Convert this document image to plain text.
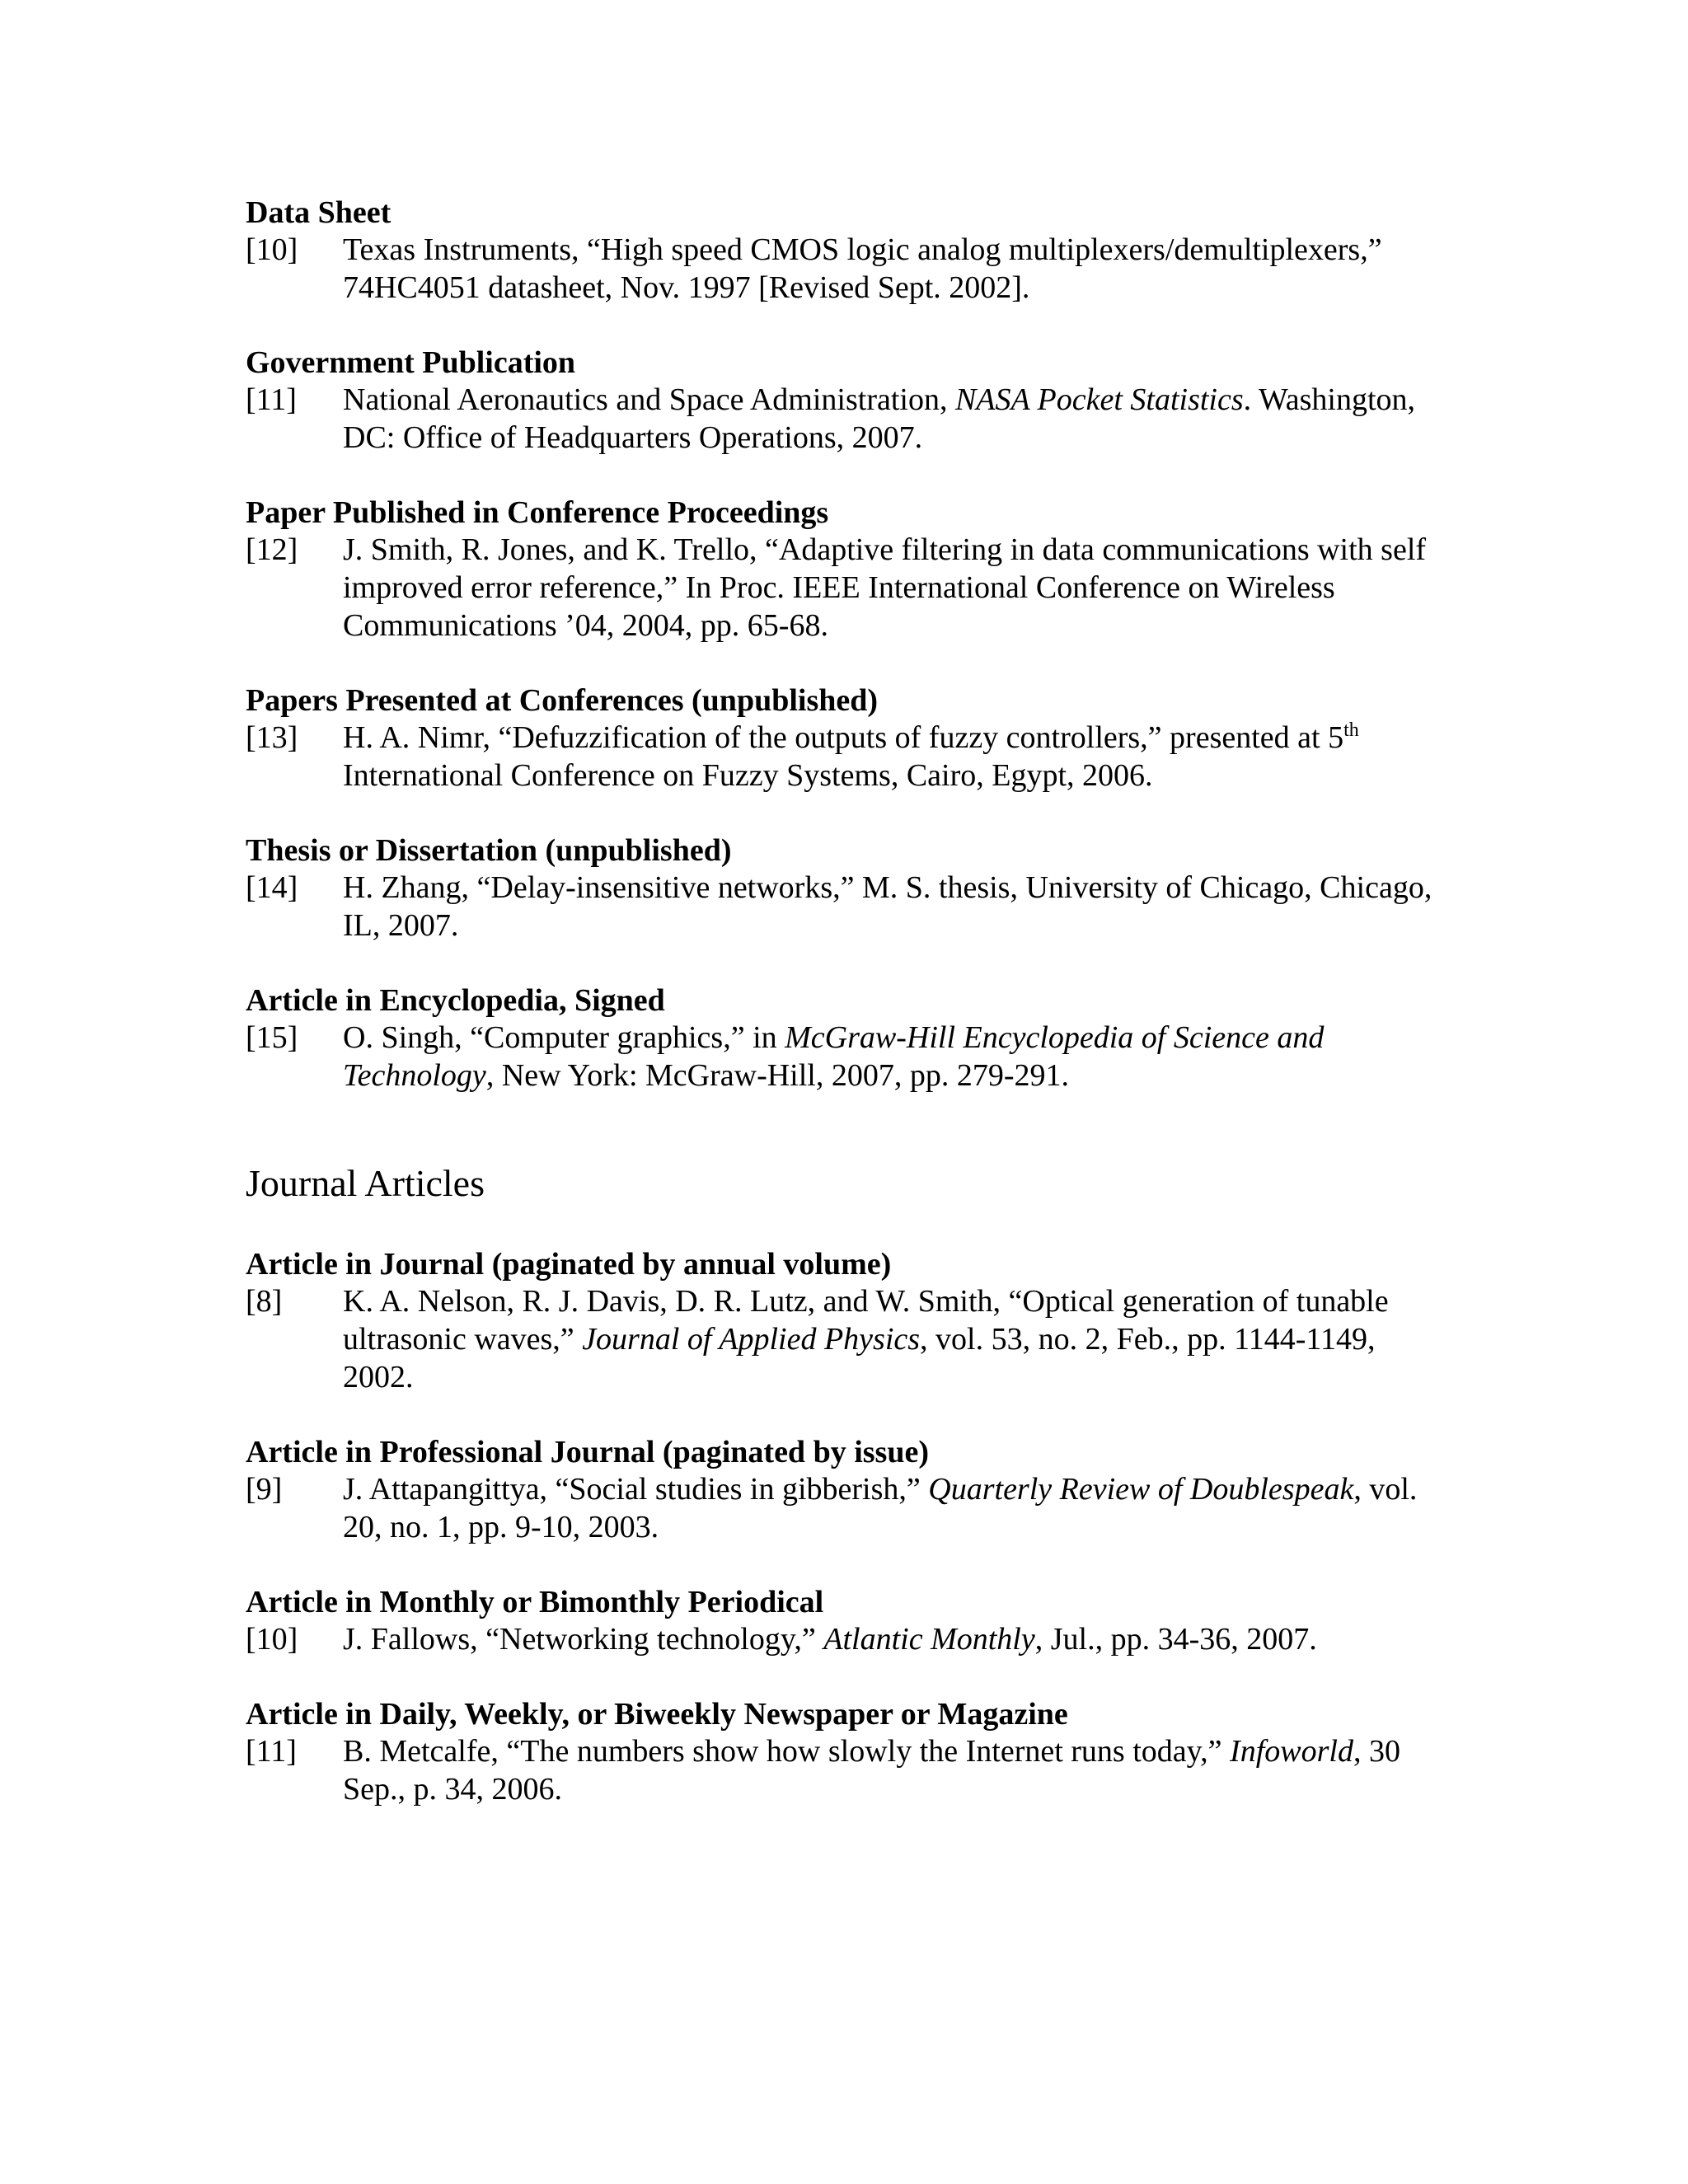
Data Sheet
[10]	Texas Instruments, “High speed CMOS logic analog multiplexers/demultiplexers,” 74HC4051 datasheet, Nov. 1997 [Revised Sept. 2002].
Government Publication
[11]	National Aeronautics and Space Administration, NASA Pocket Statistics. Washington, DC: Office of Headquarters Operations, 2007.
Paper Published in Conference Proceedings
[12]	J. Smith, R. Jones, and K. Trello, “Adaptive filtering in data communications with self improved error reference,” In Proc. IEEE International Conference on Wireless Communications ’04, 2004, pp. 65-68.
Papers Presented at Conferences (unpublished)
[13]	H. A. Nimr, “Defuzzification of the outputs of fuzzy controllers,” presented at 5th International Conference on Fuzzy Systems, Cairo, Egypt, 2006.
Thesis or Dissertation (unpublished)
[14]	H. Zhang, “Delay-insensitive networks,” M. S. thesis, University of Chicago, Chicago, IL, 2007.
Article in Encyclopedia, Signed
[15]	O. Singh, “Computer graphics,” in McGraw-Hill Encyclopedia of Science and Technology, New York: McGraw-Hill, 2007, pp. 279-291.
Journal Articles
Article in Journal (paginated by annual volume)
[8]	K. A. Nelson, R. J. Davis, D. R. Lutz, and W. Smith, “Optical generation of tunable ultrasonic waves,” Journal of Applied Physics, vol. 53, no. 2, Feb., pp. 1144-1149, 2002.
Article in Professional Journal (paginated by issue)
[9]	J. Attapangittya, “Social studies in gibberish,” Quarterly Review of Doublespeak, vol. 20, no. 1, pp. 9-10, 2003.
Article in Monthly or Bimonthly Periodical
[10]	J. Fallows, “Networking technology,” Atlantic Monthly, Jul., pp. 34-36, 2007.
Article in Daily, Weekly, or Biweekly Newspaper or Magazine
[11]	B. Metcalfe, “The numbers show how slowly the Internet runs today,” Infoworld, 30 Sep., p. 34, 2006.
